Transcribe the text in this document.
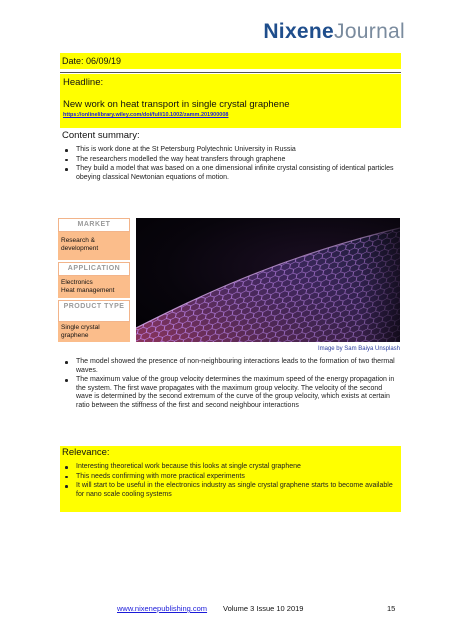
NixeneJournal
Date: 06/09/19
Headline:
New work on heat transport in single crystal graphene
https://onlinelibrary.wiley.com/doi/full/10.1002/zamm.201900008
Content summary:
This is work done at the St Petersburg Polytechnic University in Russia
The researchers modelled the way heat transfers through graphene
They build a model that was based on a one dimensional infinite crystal consisting of identical particles obeying classical Newtonian equations of motion.
MARKET
Research & development
APPLICATION
Electronics
Heat management
PRODUCT TYPE
Single crystal graphene
Image by Sam Baiya Unsplash
The model showed the presence of non-neighbouring interactions leads to the formation of two thermal waves.
The maximum value of the group velocity determines the maximum speed of the energy propagation in the system. The first wave propagates with the maximum group velocity. The velocity of the second wave is determined by the second extremum of the curve of the group velocity, which exists at certain ratio between the stiffness of the first and second neighbour interactions
Relevance:
Interesting theoretical work because this looks at single crystal graphene
This needs confirming with more practical experiments
It will start to be useful in the electronics industry as single crystal graphene starts to become available for nano scale cooling systems
www.nixenepublishing.com Volume 3 Issue 10 2019	15
